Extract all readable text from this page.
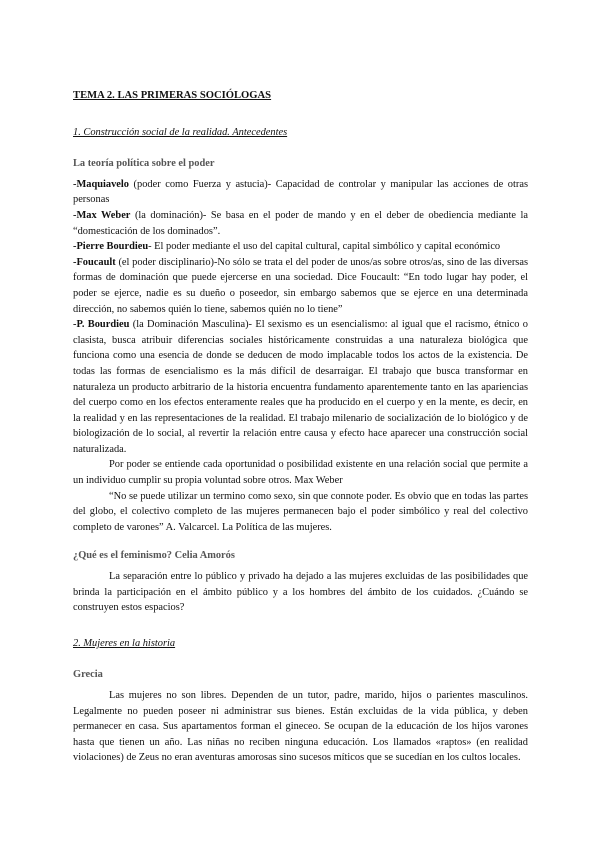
TEMA 2. LAS PRIMERAS SOCIÓLOGAS
1. Construcción social de la realidad. Antecedentes
La teoría política sobre el poder

-Maquiavelo (poder como Fuerza y astucia)- Capacidad de controlar y manipular las acciones de otras personas

-Max Weber (la dominación)- Se basa en el poder de mando y en el deber de obediencia mediante la “domesticación de los dominados”.

-Pierre Bourdieu- El poder mediante el uso del capital cultural, capital simbólico y capital económico

-Foucault (el poder disciplinario)-No sólo se trata el del poder de unos/as sobre otros/as, sino de las diversas formas de dominación que puede ejercerse en una sociedad. Dice Foucault: “En todo lugar hay poder, el poder se ejerce, nadie es su dueño o poseedor, sin embargo sabemos que se ejerce en una determinada dirección, no sabemos quién lo tiene, sabemos quién no lo tiene”

-P. Bourdieu (la Dominación Masculina)- El sexismo es un esencialismo: al igual que el racismo, étnico o clasista, busca atribuir diferencias sociales históricamente construidas a una naturaleza biológica que funciona como una esencia de donde se deducen de modo implacable todos los actos de la existencia. De todas las formas de esencialismo es la más difícil de desarraigar. El trabajo que busca transformar en naturaleza un producto arbitrario de la historia encuentra fundamento aparentemente tanto en las apariencias del cuerpo como en los efectos enteramente reales que ha producido en el cuerpo y en la mente, es decir, en la realidad y en las representaciones de la realidad. El trabajo milenario de socialización de lo biológico y de biologización de lo social, al revertir la relación entre causa y efecto hace aparecer una construcción social naturalizada.

Por poder se entiende cada oportunidad o posibilidad existente en una relación social que permite a un individuo cumplir su propia voluntad sobre otros. Max Weber

“No se puede utilizar un termino como sexo, sin que connote poder. Es obvio que en todas las partes del globo, el colectivo completo de las mujeres permanecen bajo el poder simbólico y real del colectivo completo de varones” A. Valcarcel. La Política de las mujeres.

¿Qué es el feminismo? Celia Amorós

La separación entre lo público y privado ha dejado a las mujeres excluidas de las posibilidades que brinda la participación en el ámbito público y a los hombres del ámbito de los cuidados. ¿Cuándo se construyen estos espacios?

2. Mujeres en la historia
Grecia

Las mujeres no son libres. Dependen de un tutor, padre, marido, hijos o parientes masculinos. Legalmente no pueden poseer ni administrar sus bienes. Están excluidas de la vida pública, y deben permanecer en casa. Sus apartamentos forman el gineceo. Se ocupan de la educación de los hijos varones hasta que tienen un año. Las niñas no reciben ninguna educación. Los llamados «raptos» (en realidad violaciones) de Zeus no eran aventuras amorosas sino sucesos míticos que se sucedían en los cultos locales.
